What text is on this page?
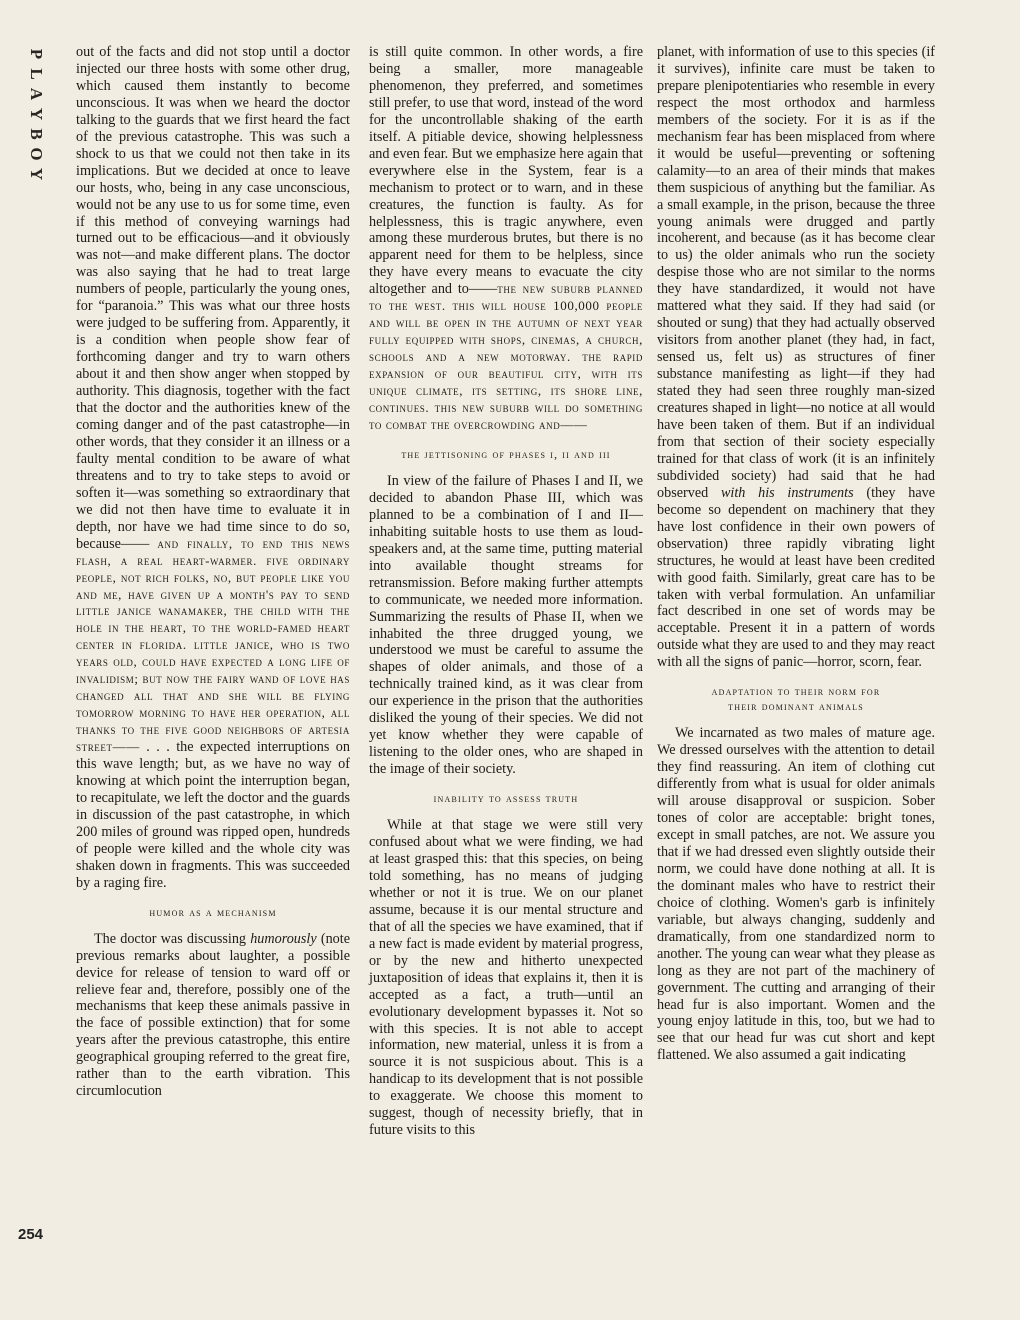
P
L
A
Y
B
O
Y
254

out of the facts and did not stop until a doctor injected our three hosts with some other drug, which caused them instantly to become unconscious. It was when we heard the doctor talking to the guards that we first heard the fact of the previous catastrophe. This was such a shock to us that we could not then take in its implications. But we decided at once to leave our hosts, who, being in any case unconscious, would not be any use to us for some time, even if this method of conveying warnings had turned out to be efficacious—and it obviously was not—and make different plans. The doctor was also saying that he had to treat large numbers of people, particularly the young ones, for “paranoia.” This was what our three hosts were judged to be suffering from. Apparently, it is a condition when people show fear of forthcoming danger and try to warn others about it and then show anger when stopped by authority. This diagnosis, together with the fact that the doctor and the authorities knew of the coming danger and of the past catastrophe—in other words, that they consider it an illness or a faulty mental condition to be aware of what threatens and to try to take steps to avoid or soften it—was something so extraordinary that we did not then have time to evaluate it in depth, nor have we had time since to do so, because—— and finally, to end this news flash, a real heart-warmer. five ordinary people, not rich folks, no, but people like you and me, have given up a month's pay to send little janice wanamaker, the child with the hole in the heart, to the world-famed heart center in florida. little janice, who is two years old, could have expected a long life of invalidism; but now the fairy wand of love has changed all that and she will be flying tomorrow morning to have her operation, all thanks to the five good neighbors of artesia street—— . . . the expected interruptions on this wave length; but, as we have no way of knowing at which point the interruption began, to recapitulate, we left the doctor and the guards in discussion of the past catastrophe, in which 200 miles of ground was ripped open, hundreds of people were killed and the whole city was shaken down in fragments. This was succeeded by a raging fire.

humor as a mechanism

The doctor was discussing humorously (note previous remarks about laughter, a possible device for release of tension to ward off or relieve fear and, therefore, possibly one of the mechanisms that keep these animals passive in the face of possible extinction) that for some years after the previous catastrophe, this entire geographical grouping referred to the great fire, rather than to the earth vibration. This circumlocution

is still quite common. In other words, a fire being a smaller, more manageable phenomenon, they preferred, and sometimes still prefer, to use that word, instead of the word for the uncontrollable shaking of the earth itself. A pitiable device, showing helplessness and even fear. But we emphasize here again that everywhere else in the System, fear is a mechanism to protect or to warn, and in these creatures, the function is faulty. As for helplessness, this is tragic anywhere, even among these murderous brutes, but there is no apparent need for them to be helpless, since they have every means to evacuate the city altogether and to——the new suburb planned to the west. this will house 100,000 people and will be open in the autumn of next year fully equipped with shops, cinemas, a church, schools and a new motorway. the rapid expansion of our beautiful city, with its unique climate, its setting, its shore line, continues. this new suburb will do something to combat the overcrowding and——

the jettisoning of phases i, ii and iii

In view of the failure of Phases I and II, we decided to abandon Phase III, which was planned to be a combination of I and II—inhabiting suitable hosts to use them as loud-speakers and, at the same time, putting material into available thought streams for retransmission. Before making further attempts to communicate, we needed more information. Summarizing the results of Phase II, when we inhabited the three drugged young, we understood we must be careful to assume the shapes of older animals, and those of a technically trained kind, as it was clear from our experience in the prison that the authorities disliked the young of their species. We did not yet know whether they were capable of listening to the older ones, who are shaped in the image of their society.

inability to assess truth

While at that stage we were still very confused about what we were finding, we had at least grasped this: that this species, on being told something, has no means of judging whether or not it is true. We on our planet assume, because it is our mental structure and that of all the species we have examined, that if a new fact is made evident by material progress, or by the new and hitherto unexpected juxtaposition of ideas that explains it, then it is accepted as a fact, a truth—until an evolutionary development bypasses it. Not so with this species. It is not able to accept information, new material, unless it is from a source it is not suspicious about. This is a handicap to its development that is not possible to exaggerate. We choose this moment to suggest, though of necessity briefly, that in future visits to this

planet, with information of use to this species (if it survives), infinite care must be taken to prepare plenipotentiaries who resemble in every respect the most orthodox and harmless members of the society. For it is as if the mechanism fear has been misplaced from where it would be useful—preventing or softening calamity—to an area of their minds that makes them suspicious of anything but the familiar. As a small example, in the prison, because the three young animals were drugged and partly incoherent, and because (as it has become clear to us) the older animals who run the society despise those who are not similar to the norms they have standardized, it would not have mattered what they said. If they had said (or shouted or sung) that they had actually observed visitors from another planet (they had, in fact, sensed us, felt us) as structures of finer substance manifesting as light—if they had stated they had seen three roughly man-sized creatures shaped in light—no notice at all would have been taken of them. But if an individual from that section of their society especially trained for that class of work (it is an infinitely subdivided society) had said that he had observed with his instruments (they have become so dependent on machinery that they have lost confidence in their own powers of observation) three rapidly vibrating light structures, he would at least have been credited with good faith. Similarly, great care has to be taken with verbal formulation. An unfamiliar fact described in one set of words may be acceptable. Present it in a pattern of words outside what they are used to and they may react with all the signs of panic—horror, scorn, fear.

adaptation to their norm for
their dominant animals

We incarnated as two males of mature age. We dressed ourselves with the attention to detail they find reassuring. An item of clothing cut differently from what is usual for older animals will arouse disapproval or suspicion. Sober tones of color are acceptable: bright tones, except in small patches, are not. We assure you that if we had dressed even slightly outside their norm, we could have done nothing at all. It is the dominant males who have to restrict their choice of clothing. Women's garb is infinitely variable, but always changing, suddenly and dramatically, from one standardized norm to another. The young can wear what they please as long as they are not part of the machinery of government. The cutting and arranging of their head fur is also important. Women and the young enjoy latitude in this, too, but we had to see that our head fur was cut short and kept flattened. We also assumed a gait indicating
